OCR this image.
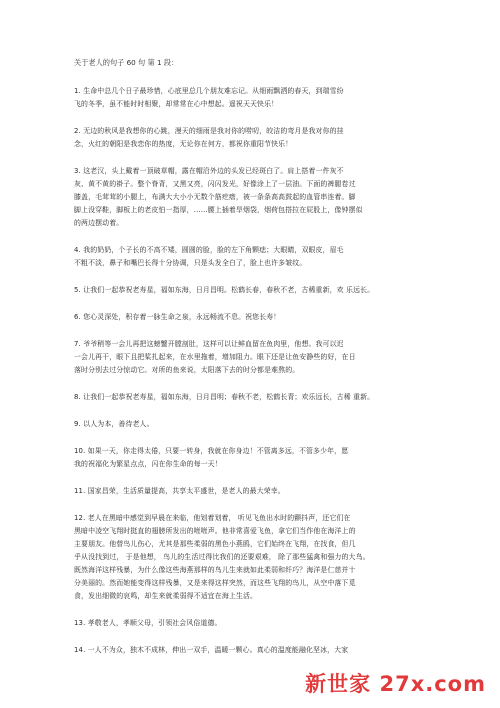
关于老人的句子 60 句 第 1 段：
1. 生命中总几个日子最珍惜，心底里总几个朋友难忘记。从细雨飘洒的春天，到瑞雪纷
飞的冬季，虽不能时时相聚，却常常在心中想起。遥祝天天快乐！
2. 无边的秋风是我想你的心跳，漫天的细雨是我对你的唠叨，皎洁的弯月是我对你的挂
念，火红的朝阳是我恋你的热度，无论你在何方，都祝你重阳节快乐！
3. 这老汉，头上戴着一顶破草帽，露在帽沿外边的头发已经斑白了。肩上搭着一件灰不
灰、黄不黄的褂子。整个脊背，又黑又亮，闪闪发光，好像涂上了一层油。下面的裤腿卷过
膝盖，毛茸茸的小腿上，布满大大小小无数个筋疙瘩，被一条条高高鼓起的血管串连着。脚
脚上没穿鞋，脚板上的老皮怕一指厚，……腰上插着旱烟袋，烟荷包搭拉在屁股上，像钟摆似
的两边摆动着。
4. 我的奶奶，个子长的不高不矮，圆圆的脸，脸的左下角颗痣；大眼睛，双眼皮，眉毛
不粗不淡，鼻子和嘴巴长得十分协调，只是头发全白了，脸上也许多皱纹。
5. 让我们一起恭祝老寿星，福如东海，日月昌明。松鹤长春，春秋不老，古稀重新，欢 乐远长。
6. 您心灵深处，积存着一脉生命之泉，永远畅流不息。祝您长寿！
7. 爷爷稍等一会儿再把这螃蟹开膛剖肚，这样可以让鲜血留在鱼肉里，他想。我可以迟
一会儿再干，眼下且把桨扎起来，在水里拖着，增加阻力。眼下还是让鱼安静些的好，在日
落时分别去过分惊动它。对所的鱼来说，太阳落下去的时分都是难熬的。
8. 让我们一起恭祝老寿星，福如东海，日月昌明；春秋不老，松鹤长青；欢乐远长，古稀 重新。
9. 以人为本，善待老人。
10. 如果一天，你走得太倦，只要一转身，我就在你身边！不管离多远，不管多少年，愿
我的祝福化为繁星点点，闪在你生命的每一天！
11. 国家昌荣，生活质量提高，共享太平盛世，是老人的最大荣幸。
12. 老人在黑暗中感觉到早晨在来临，他划着划着， 听见飞鱼出水时的颤抖声，还它们在
黑暗中凌空飞翔时挺直的翅膀所发出的咝咝声。他非常喜爱飞鱼，拿它们当作他在海洋上的
主要朋友。他替鸟儿伤心，尤其是那些柔弱的黑色小燕鸥，它们始终在飞翔，在找食，但几
乎从没找到过， 于是他想， 鸟儿的生活过得比我们的还要艰难， 除了那些猛禽和强力的大鸟。
既然海洋这样残暴，为什么像这些海燕那样的鸟儿生来就如此柔弱和纤巧？海洋是仁慈并十
分美丽的。然而她能变得这样残暴，又是来得这样突然，而这些飞翔的鸟儿，从空中落下觅
食，发出细微的哀鸣，却生来就柔弱得不适宜在海上生活。
13. 孝敬老人，孝顺父母，引领社会风俗道德。
14. 一人不为众，独木不成林，伸出一双手，温暖一颗心。真心的温度能融化坚冰，大家
新世家 27x.com
